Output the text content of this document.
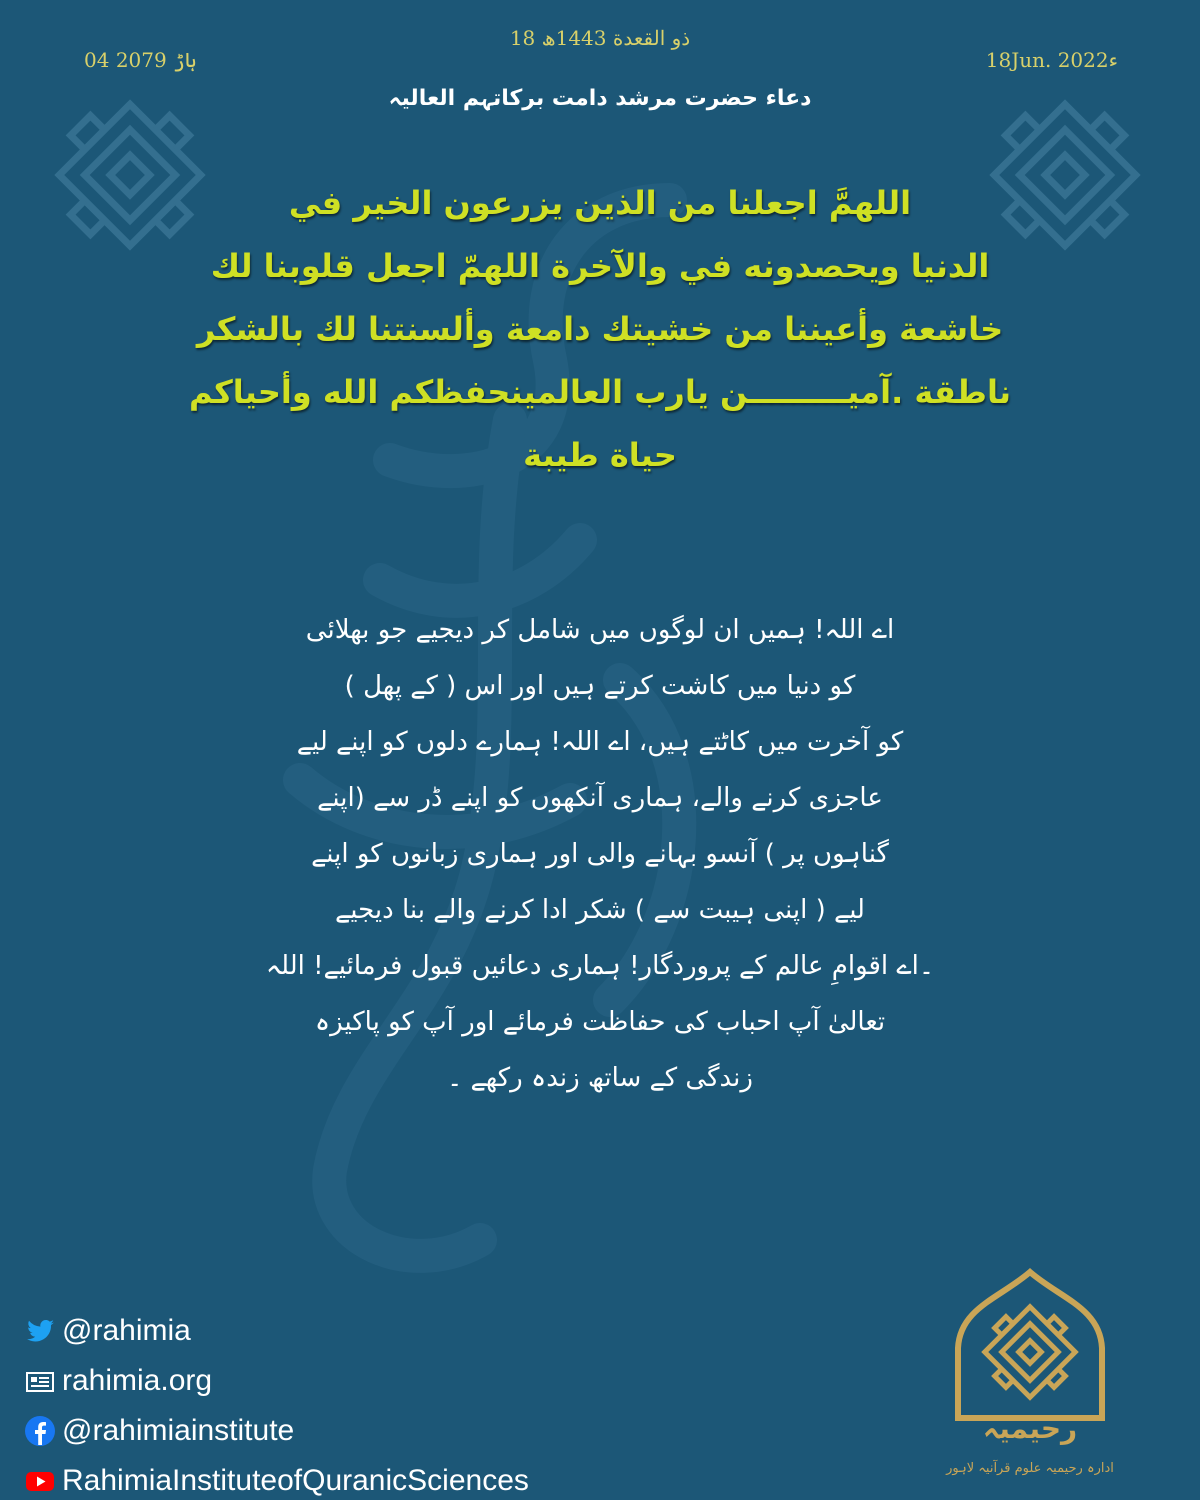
18 ذو القعدة 1443ھ
04 ہاڑ 2079	18Jun. 2022ء
دعاء حضرت مرشد دامت برکاتہم العالیہ
اللهمَّ اجعلنا من الذين يزرعون الخير في
الدنيا ويحصدونه في والآخرة اللهمّ اجعل قلوبنا لك
خاشعة وأعيننا من خشيتك دامعة وألسنتنا لك بالشكر
ناطقة .آميـــــــــن يارب العالمينحفظكم الله وأحياكم
حياة طيبة
اے اللہ! ہمیں ان لوگوں میں شامل کر دیجیے جو بھلائی
کو دنیا میں کاشت کرتے ہیں اور اس ( کے پھل )
کو آخرت میں کاٹتے ہیں، اے اللہ! ہمارے دلوں کو اپنے لیے
عاجزی کرنے والے، ہماری آنکھوں کو اپنے ڈر سے (اپنے
گناہوں پر ) آنسو بہانے والی اور ہماری زبانوں کو اپنے
لیے ( اپنی ہیبت سے ) شکر ادا کرنے والے بنا دیجیے
۔اے اقوامِ عالم کے پروردگار! ہماری دعائیں قبول فرمائیے! اللہ
تعالیٰ آپ احباب کی حفاظت فرمائے اور آپ کو پاکیزہ
زندگی کے ساتھ زندہ رکھے ۔
@rahimia
rahimia.org
@rahimiainstitute
RahimiaInstituteofQuranicSciences
رحیمیہ
ادارہ رحیمیہ علوم قرآنیہ لاہور
